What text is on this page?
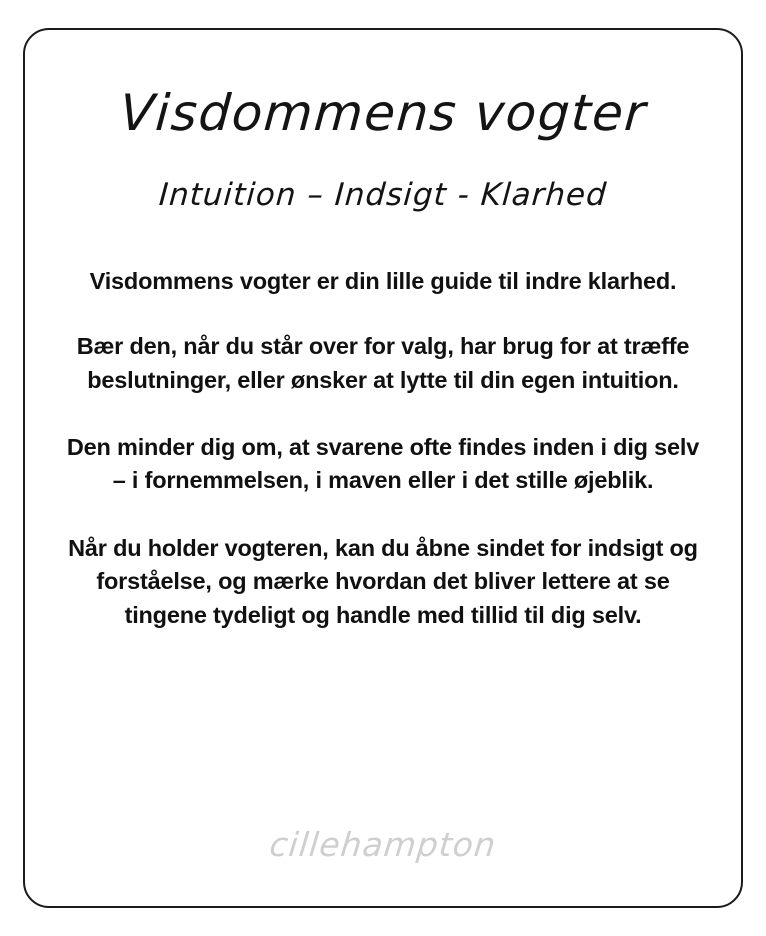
Visdommens vogter
Intuition – Indsigt - Klarhed

Visdommens vogter er din lille guide til indre klarhed.

Bær den, når du står over for valg, har brug for at træffe beslutninger, eller ønsker at lytte til din egen intuition.

Den minder dig om, at svarene ofte findes inden i dig selv – i fornemmelsen, i maven eller i det stille øjeblik.

Når du holder vogteren, kan du åbne sindet for indsigt og forståelse, og mærke hvordan det bliver lettere at se tingene tydeligt og handle med tillid til dig selv.

cillehampton
